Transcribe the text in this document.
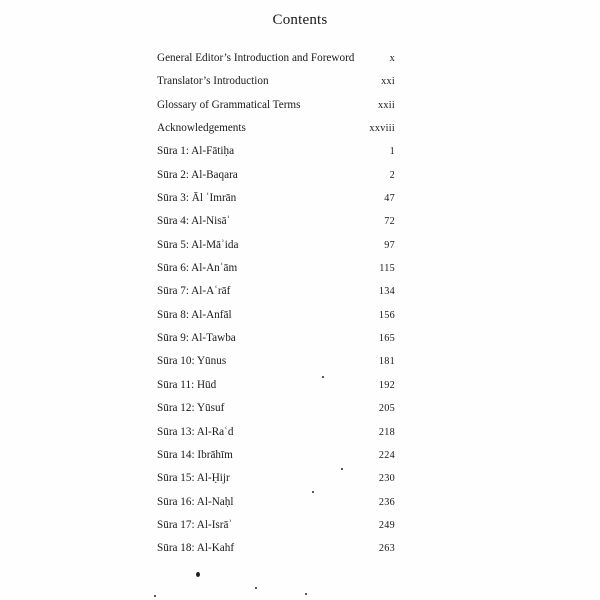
Contents
General Editor’s Introduction and Foreword	x
Translator’s Introduction	xxi
Glossary of Grammatical Terms	xxii
Acknowledgements	xxviii
Sūra 1: Al-Fātiḥa	1
Sūra 2: Al-Baqara	2
Sūra 3: Āl ʿImrān	47
Sūra 4: Al-Nisāʾ	72
Sūra 5: Al-Māʾida	97
Sūra 6: Al-Anʿām	115
Sūra 7: Al-Aʿrāf	134
Sūra 8: Al-Anfāl	156
Sūra 9: Al-Tawba	165
Sūra 10: Yūnus	181
Sūra 11: Hūd	192
Sūra 12: Yūsuf	205
Sūra 13: Al-Raʿd	218
Sūra 14: Ibrāhīm	224
Sūra 15: Al-Ḥijr	230
Sūra 16: Al-Naḥl	236
Sūra 17: Al-Isrāʾ	249
Sūra 18: Al-Kahf	263
